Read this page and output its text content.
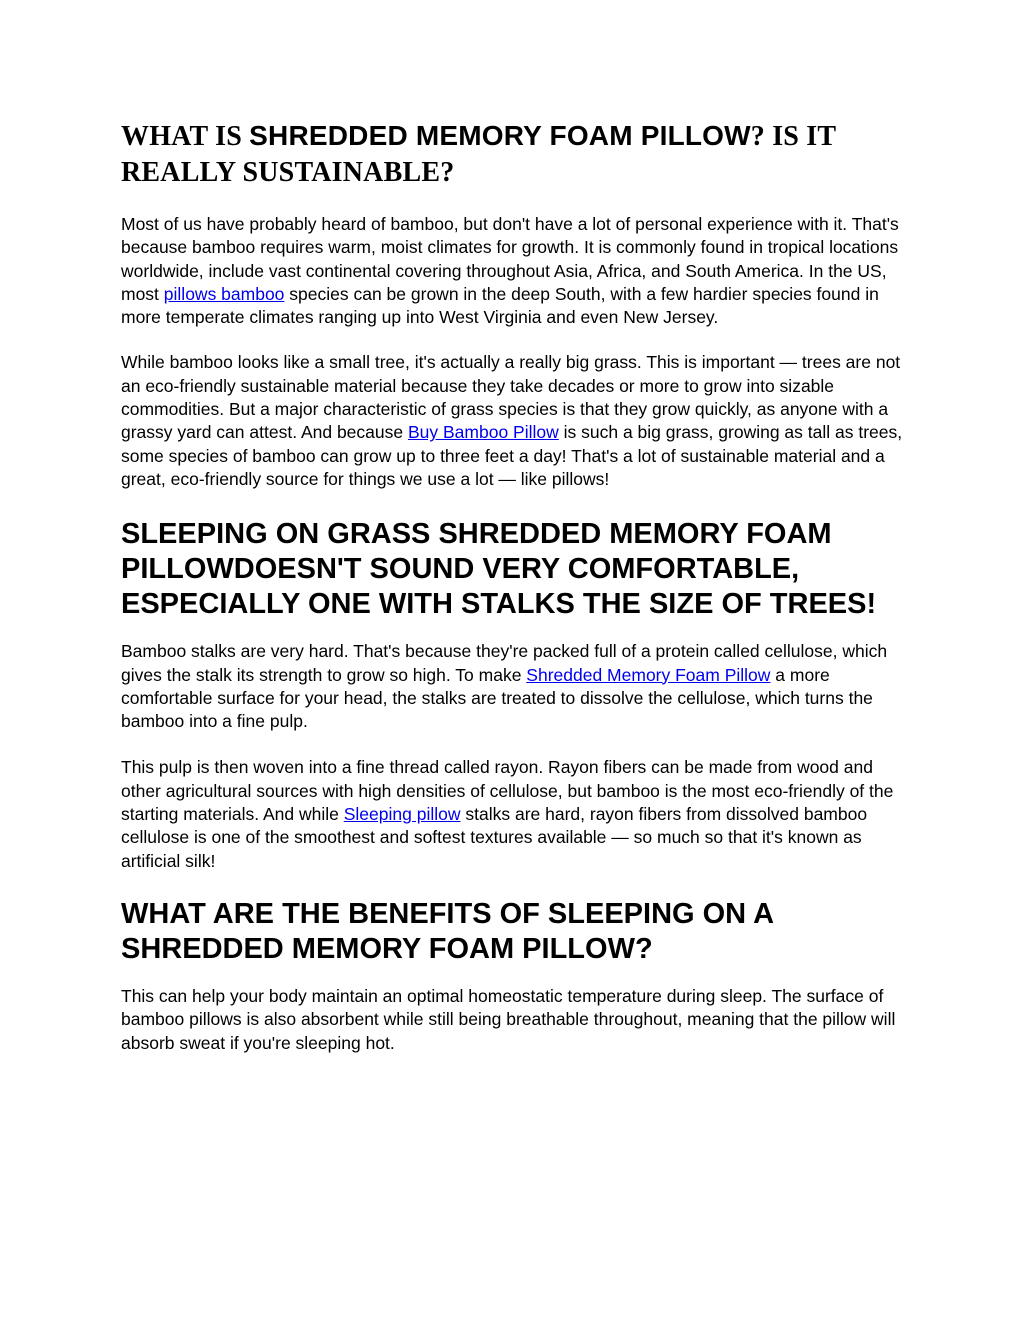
WHAT IS SHREDDED MEMORY FOAM PILLOW? IS IT REALLY SUSTAINABLE?

Most of us have probably heard of bamboo, but don't have a lot of personal experience with it. That's because bamboo requires warm, moist climates for growth. It is commonly found in tropical locations worldwide, include vast continental covering throughout Asia, Africa, and South America. In the US, most pillows bamboo species can be grown in the deep South, with a few hardier species found in more temperate climates ranging up into West Virginia and even New Jersey.

While bamboo looks like a small tree, it's actually a really big grass. This is important — trees are not an eco-friendly sustainable material because they take decades or more to grow into sizable commodities. But a major characteristic of grass species is that they grow quickly, as anyone with a grassy yard can attest. And because Buy Bamboo Pillow is such a big grass, growing as tall as trees, some species of bamboo can grow up to three feet a day! That's a lot of sustainable material and a great, eco-friendly source for things we use a lot — like pillows!

SLEEPING ON GRASS SHREDDED MEMORY FOAM PILLOWDOESN'T SOUND VERY COMFORTABLE, ESPECIALLY ONE WITH STALKS THE SIZE OF TREES!

Bamboo stalks are very hard. That's because they're packed full of a protein called cellulose, which gives the stalk its strength to grow so high. To make Shredded Memory Foam Pillow a more comfortable surface for your head, the stalks are treated to dissolve the cellulose, which turns the bamboo into a fine pulp.

This pulp is then woven into a fine thread called rayon. Rayon fibers can be made from wood and other agricultural sources with high densities of cellulose, but bamboo is the most eco-friendly of the starting materials. And while Sleeping pillow stalks are hard, rayon fibers from dissolved bamboo cellulose is one of the smoothest and softest textures available — so much so that it's known as artificial silk!

WHAT ARE THE BENEFITS OF SLEEPING ON A SHREDDED MEMORY FOAM PILLOW?

This can help your body maintain an optimal homeostatic temperature during sleep. The surface of bamboo pillows is also absorbent while still being breathable throughout, meaning that the pillow will absorb sweat if you're sleeping hot.
